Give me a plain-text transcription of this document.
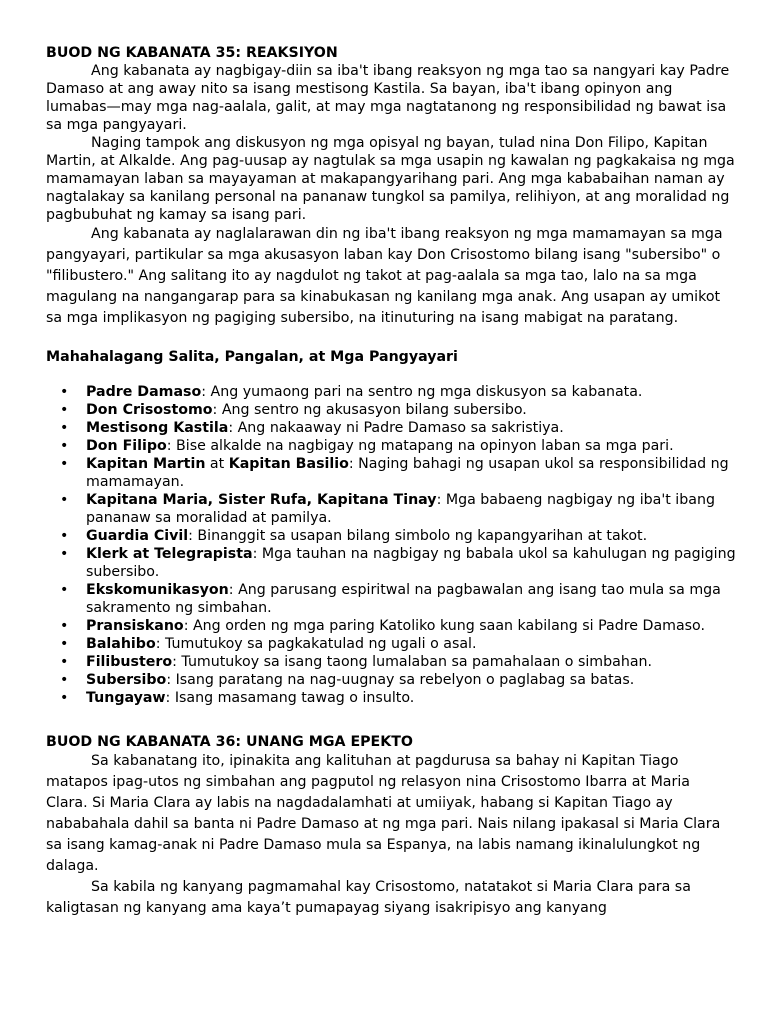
BUOD NG KABANATA 35: REAKSIYON

Ang kabanata ay nagbigay-diin sa iba't ibang reaksyon ng mga tao sa nangyari kay Padre Damaso at ang away nito sa isang mestisong Kastila. Sa bayan, iba't ibang opinyon ang lumabas—may mga nag-aalala, galit, at may mga nagtatanong ng responsibilidad ng bawat isa sa mga pangyayari.

Naging tampok ang diskusyon ng mga opisyal ng bayan, tulad nina Don Filipo, Kapitan Martin, at Alkalde. Ang pag-uusap ay nagtulak sa mga usapin ng kawalan ng pagkakaisa ng mga mamamayan laban sa mayayaman at makapangyarihang pari. Ang mga kababaihan naman ay nagtalakay sa kanilang personal na pananaw tungkol sa pamilya, relihiyon, at ang moralidad ng pagbubuhat ng kamay sa isang pari.

Ang kabanata ay naglalarawan din ng iba't ibang reaksyon ng mga mamamayan sa mga pangyayari, partikular sa mga akusasyon laban kay Don Crisostomo bilang isang "subersibo" o "filibustero." Ang salitang ito ay nagdulot ng takot at pag-aalala sa mga tao, lalo na sa mga magulang na nangangarap para sa kinabukasan ng kanilang mga anak. Ang usapan ay umikot sa mga implikasyon ng pagiging subersibo, na itinuturing na isang mabigat na paratang.

Mahahalagang Salita, Pangalan, at Mga Pangyayari

• Padre Damaso: Ang yumaong pari na sentro ng mga diskusyon sa kabanata.
• Don Crisostomo: Ang sentro ng akusasyon bilang subersibo.
• Mestisong Kastila: Ang nakaaway ni Padre Damaso sa sakristiya.
• Don Filipo: Bise alkalde na nagbigay ng matapang na opinyon laban sa mga pari.
• Kapitan Martin at Kapitan Basilio: Naging bahagi ng usapan ukol sa responsibilidad ng mamamayan.
• Kapitana Maria, Sister Rufa, Kapitana Tinay: Mga babaeng nagbigay ng iba't ibang pananaw sa moralidad at pamilya.
• Guardia Civil: Binanggit sa usapan bilang simbolo ng kapangyarihan at takot.
• Klerk at Telegrapista: Mga tauhan na nagbigay ng babala ukol sa kahulugan ng pagiging subersibo.
• Ekskomunikasyon: Ang parusang espiritwal na pagbawalan ang isang tao mula sa mga sakramento ng simbahan.
• Pransiskano: Ang orden ng mga paring Katoliko kung saan kabilang si Padre Damaso.
• Balahibo: Tumutukoy sa pagkakatulad ng ugali o asal.
• Filibustero: Tumutukoy sa isang taong lumalaban sa pamahalaan o simbahan.
• Subersibo: Isang paratang na nag-uugnay sa rebelyon o paglabag sa batas.
• Tungayaw: Isang masamang tawag o insulto.

BUOD NG KABANATA 36: UNANG MGA EPEKTO

Sa kabanatang ito, ipinakita ang kalituhan at pagdurusa sa bahay ni Kapitan Tiago matapos ipag-utos ng simbahan ang pagputol ng relasyon nina Crisostomo Ibarra at Maria Clara. Si Maria Clara ay labis na nagdadalamhati at umiiyak, habang si Kapitan Tiago ay nababahala dahil sa banta ni Padre Damaso at ng mga pari. Nais nilang ipakasal si Maria Clara sa isang kamag-anak ni Padre Damaso mula sa Espanya, na labis namang ikinalulungkot ng dalaga.

Sa kabila ng kanyang pagmamahal kay Crisostomo, natatakot si Maria Clara para sa kaligtasan ng kanyang ama kaya’t pumapayag siyang isakripisyo ang kanyang
